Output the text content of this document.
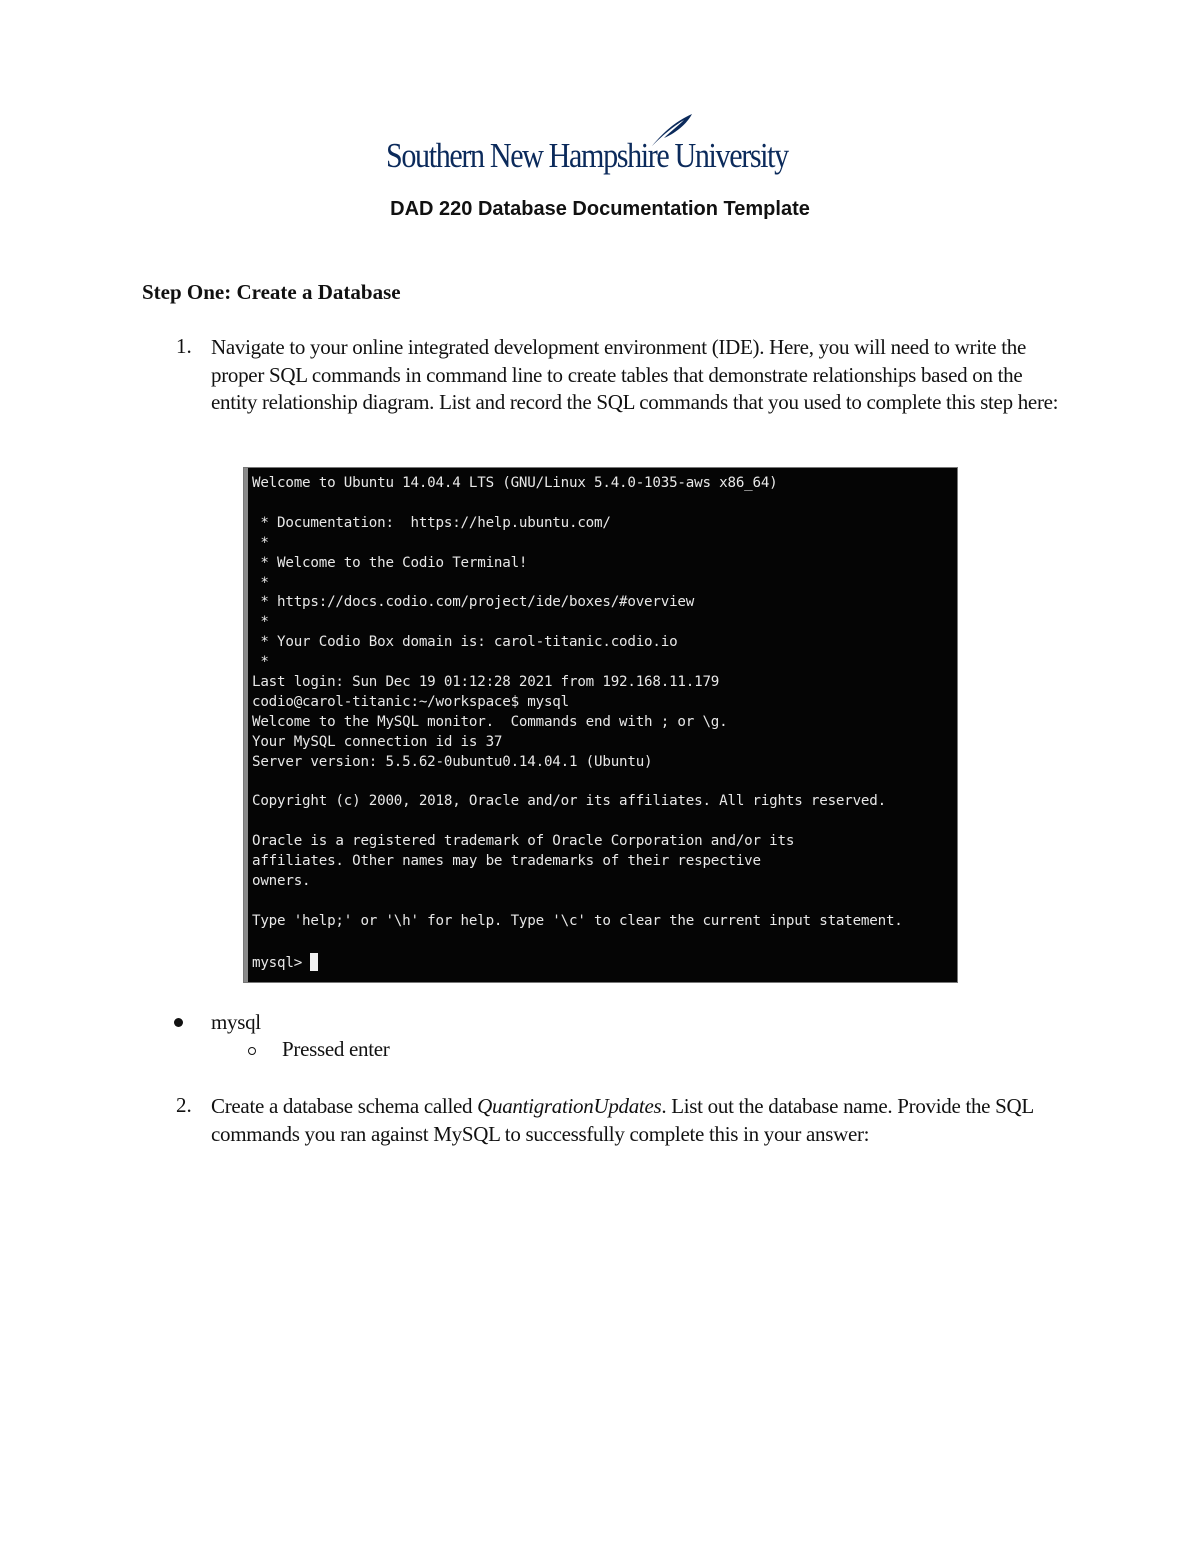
Southern New Hampshire University
DAD 220 Database Documentation Template
Step One: Create a Database
1. Navigate to your online integrated development environment (IDE). Here, you will need to write the proper SQL commands in command line to create tables that demonstrate relationships based on the entity relationship diagram. List and record the SQL commands that you used to complete this step here:
Welcome to Ubuntu 14.04.4 LTS (GNU/Linux 5.4.0-1035-aws x86_64)
* Documentation:  https://help.ubuntu.com/
*
* Welcome to the Codio Terminal!
*
* https://docs.codio.com/project/ide/boxes/#overview
*
* Your Codio Box domain is: carol-titanic.codio.io
*
Last login: Sun Dec 19 01:12:28 2021 from 192.168.11.179
codio@carol-titanic:~/workspace$ mysql
Welcome to the MySQL monitor.  Commands end with ; or \g.
Your MySQL connection id is 37
Server version: 5.5.62-0ubuntu0.14.04.1 (Ubuntu)
Copyright (c) 2000, 2018, Oracle and/or its affiliates. All rights reserved.
Oracle is a registered trademark of Oracle Corporation and/or its
affiliates. Other names may be trademarks of their respective
owners.
Type 'help;' or '\h' for help. Type '\c' to clear the current input statement.
mysql>
mysql
Pressed enter
2. Create a database schema called QuantigrationUpdates. List out the database name. Provide the SQL commands you ran against MySQL to successfully complete this in your answer:
